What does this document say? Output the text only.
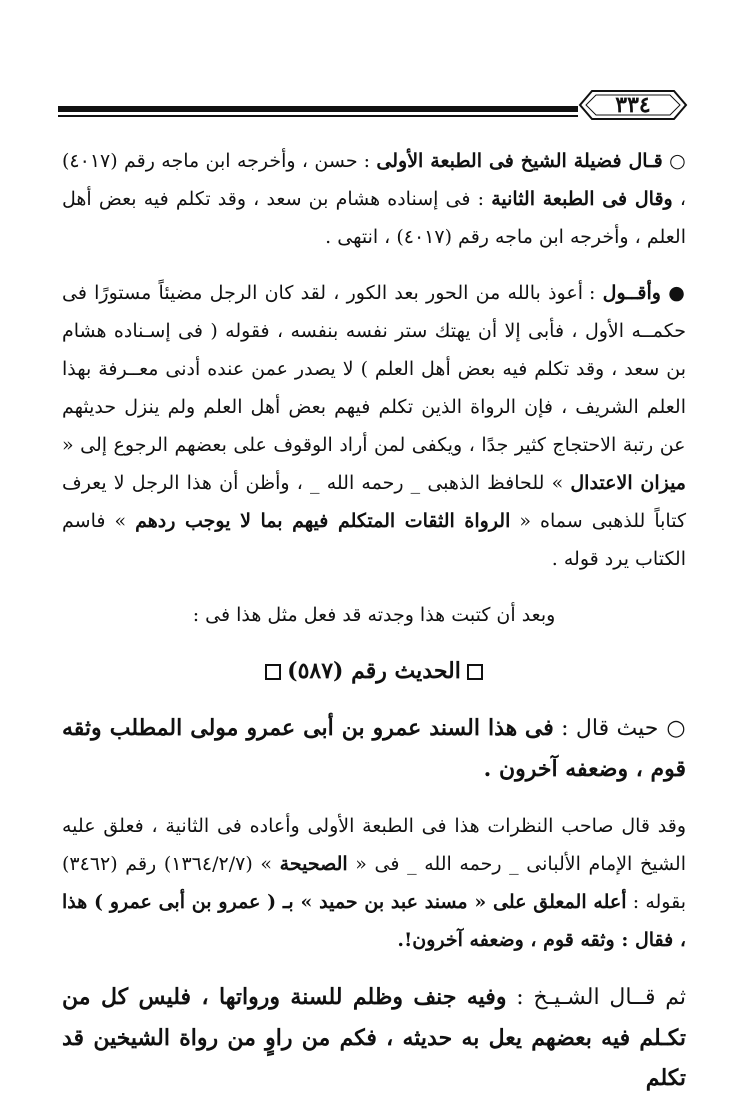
٣٣٤

○ قـال فضيلة الشيخ فى الطبعة الأولى : حسن ، وأخرجه ابن ماجه رقم (٤٠١٧) ، وقال فى الطبعة الثانية : فى إسناده هشام بن سعد ، وقد تكلم فيه بعض أهل العلم ، وأخرجه ابن ماجه رقم (٤٠١٧) ، انتهى .

● وأقــول : أعوذ بالله من الحور بعد الكور ، لقد كان الرجل مضيئاً مستورًا فى حكمــه الأول ، فأبى إلا أن يهتك ستر نفسه بنفسه ، فقوله ( فى إسـناده هشام بن سعد ، وقد تكلم فيه بعض أهل العلم ) لا يصدر عمن عنده أدنى معــرفة بهذا العلم الشريف ، فإن الرواة الذين تكلم فيهم بعض أهل العلم ولم ينزل حديثهم عن رتبة الاحتجاج كثير جدًا ، ويكفى لمن أراد الوقوف على بعضهم الرجوع إلى « ميزان الاعتدال » للحافظ الذهبى _ رحمه الله _ ، وأظن أن هذا الرجل لا يعرف كتاباً للذهبى سماه « الرواة الثقات المتكلم فيهم بما لا يوجب ردهم » فاسم الكتاب يرد قوله .

وبعد أن كتبت هذا وجدته قد فعل مثل هذا فى :

الحديث رقم (٥٨٧)

○ حيث قال : فى هذا السند عمرو بن أبى عمرو مولى المطلب وثقه قوم ، وضعفه آخرون .

وقد قال صاحب النظرات هذا فى الطبعة الأولى وأعاده فى الثانية ، فعلق عليه الشيخ الإمام الألبانى _ رحمه الله _ فى « الصحيحة » (١٣٦٤/٢/٧) رقم (٣٤٦٢) بقوله : أعله المعلق على « مسند عبد بن حميد » بـ ( عمرو بن أبى عمرو ) هذا ، فقال : وثقه قوم ، وضعفه آخرون!.

ثم قــال الشـيـخ : وفيه جنف وظلم للسنة ورواتها ، فليس كل من تكـلم فيه بعضهم يعل به حديثه ، فكم من راوٍ من رواة الشيخين قد تكلم
